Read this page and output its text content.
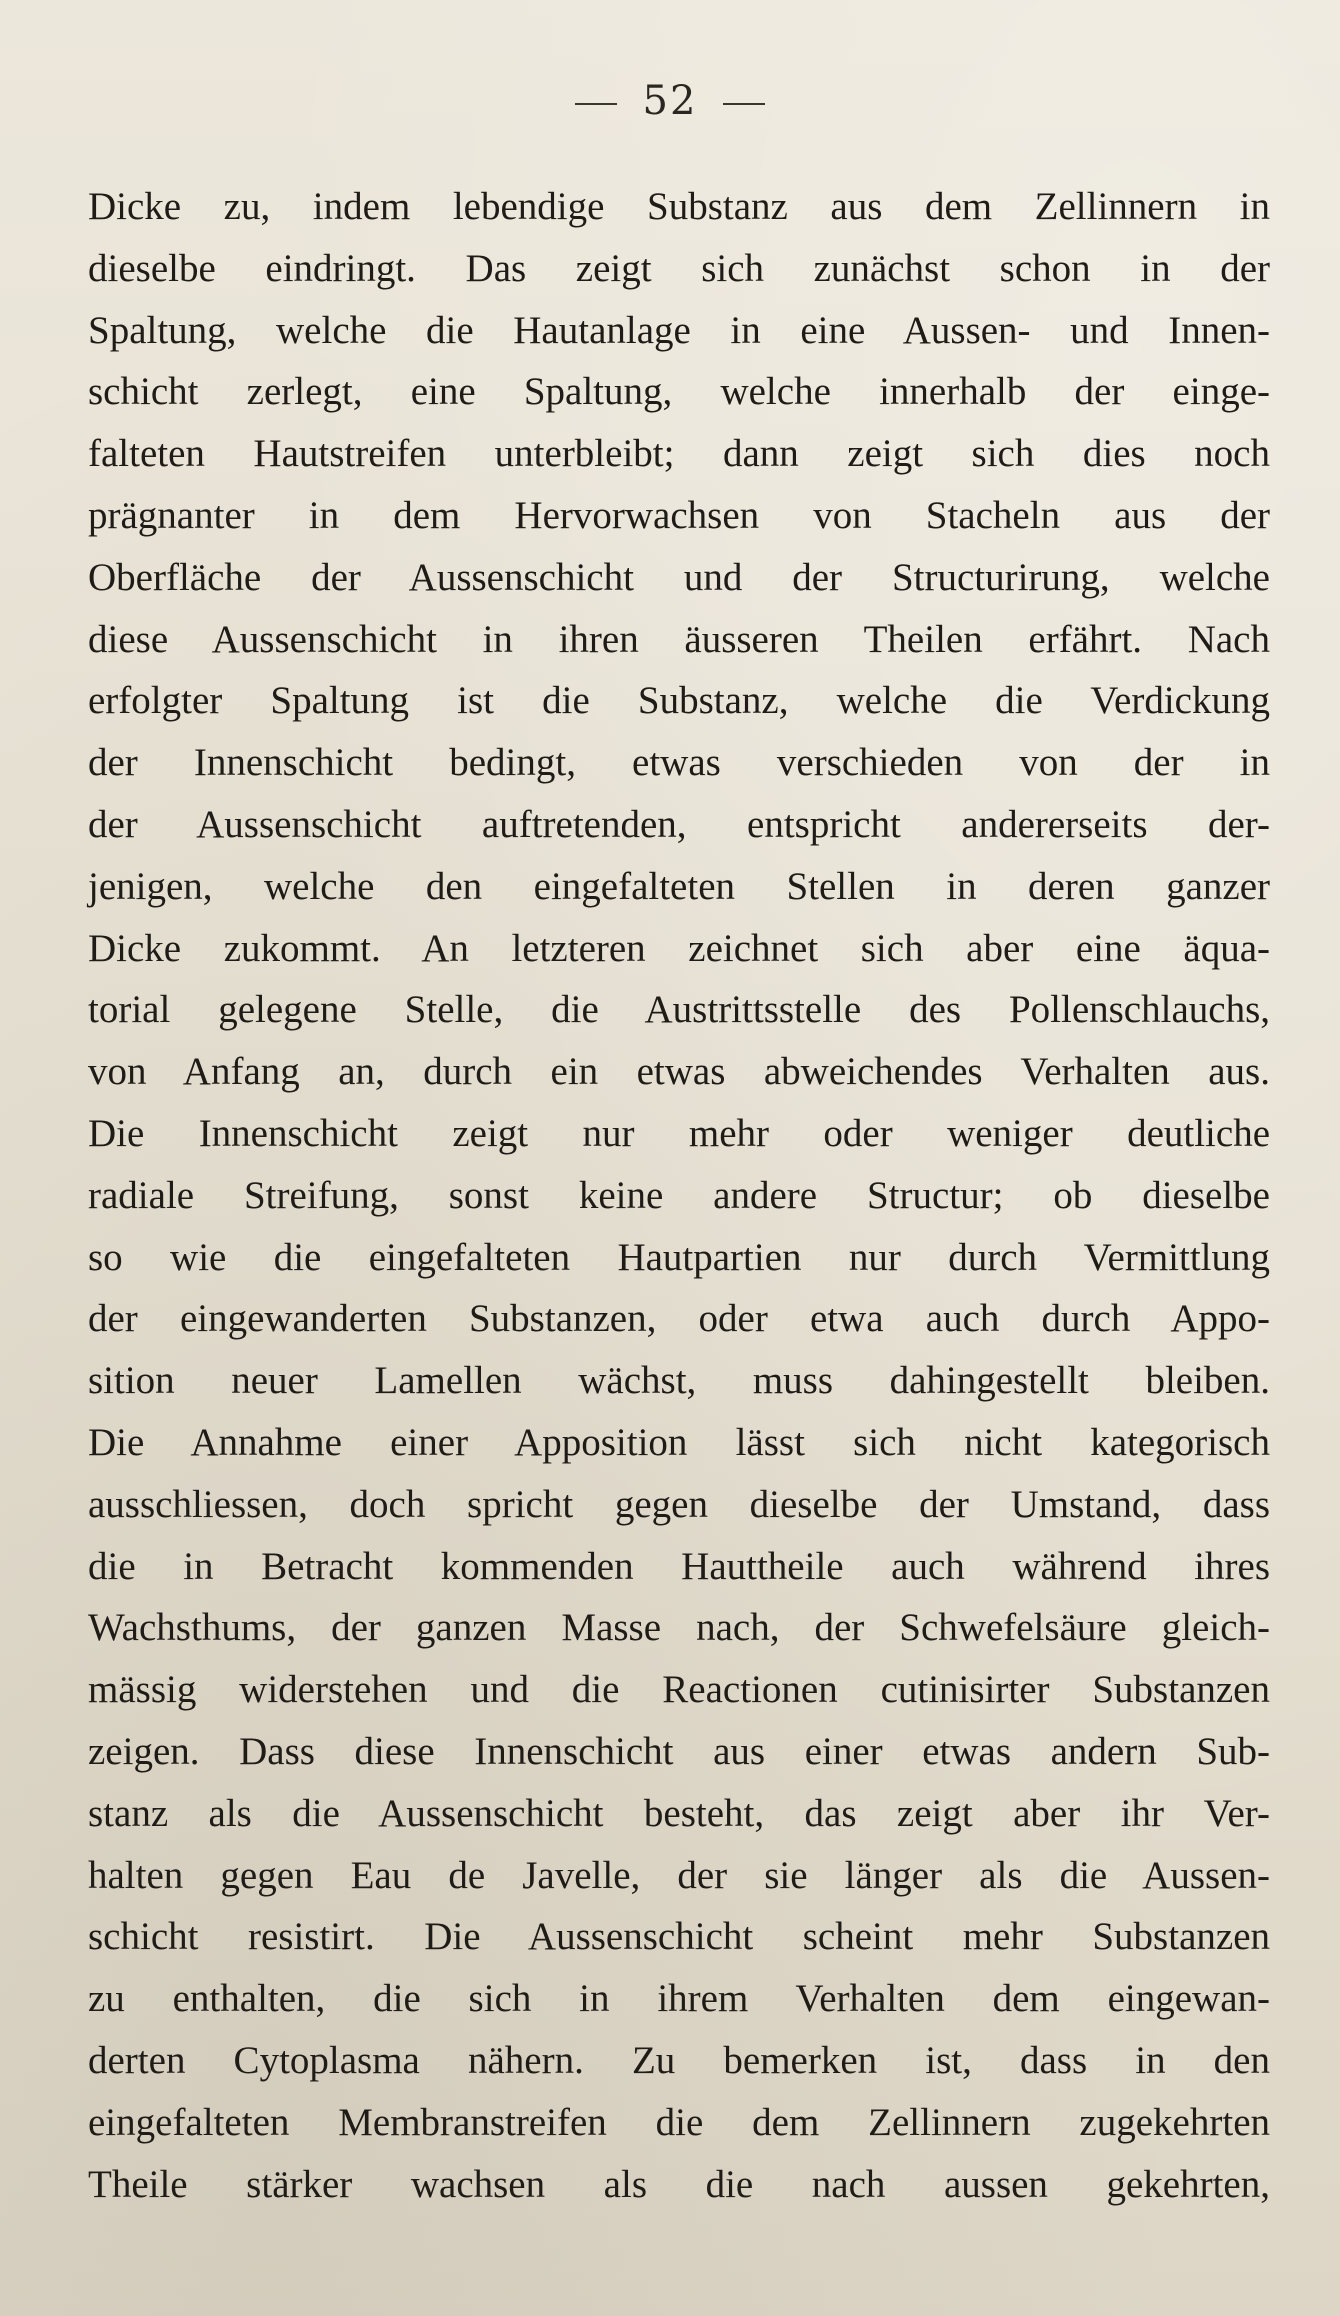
52
Dicke zu, indem lebendige Substanz aus dem Zellinnern in
dieselbe eindringt. Das zeigt sich zunächst schon in der
Spaltung, welche die Hautanlage in eine Aussen- und Innen-
schicht zerlegt, eine Spaltung, welche innerhalb der einge-
falteten Hautstreifen unterbleibt; dann zeigt sich dies noch
prägnanter in dem Hervorwachsen von Stacheln aus der
Oberfläche der Aussenschicht und der Structurirung, welche
diese Aussenschicht in ihren äusseren Theilen erfährt. Nach
erfolgter Spaltung ist die Substanz, welche die Verdickung
der Innenschicht bedingt, etwas verschieden von der in
der Aussenschicht auftretenden, entspricht andererseits der-
jenigen, welche den eingefalteten Stellen in deren ganzer
Dicke zukommt. An letzteren zeichnet sich aber eine äqua-
torial gelegene Stelle, die Austrittsstelle des Pollenschlauchs,
von Anfang an, durch ein etwas abweichendes Verhalten aus.
Die Innenschicht zeigt nur mehr oder weniger deutliche
radiale Streifung, sonst keine andere Structur; ob dieselbe
so wie die eingefalteten Hautpartien nur durch Vermittlung
der eingewanderten Substanzen, oder etwa auch durch Appo-
sition neuer Lamellen wächst, muss dahingestellt bleiben.
Die Annahme einer Apposition lässt sich nicht kategorisch
ausschliessen, doch spricht gegen dieselbe der Umstand, dass
die in Betracht kommenden Hauttheile auch während ihres
Wachsthums, der ganzen Masse nach, der Schwefelsäure gleich-
mässig widerstehen und die Reactionen cutinisirter Substanzen
zeigen. Dass diese Innenschicht aus einer etwas andern Sub-
stanz als die Aussenschicht besteht, das zeigt aber ihr Ver-
halten gegen Eau de Javelle, der sie länger als die Aussen-
schicht resistirt. Die Aussenschicht scheint mehr Substanzen
zu enthalten, die sich in ihrem Verhalten dem eingewan-
derten Cytoplasma nähern. Zu bemerken ist, dass in den
eingefalteten Membranstreifen die dem Zellinnern zugekehrten
Theile stärker wachsen als die nach aussen gekehrten,
